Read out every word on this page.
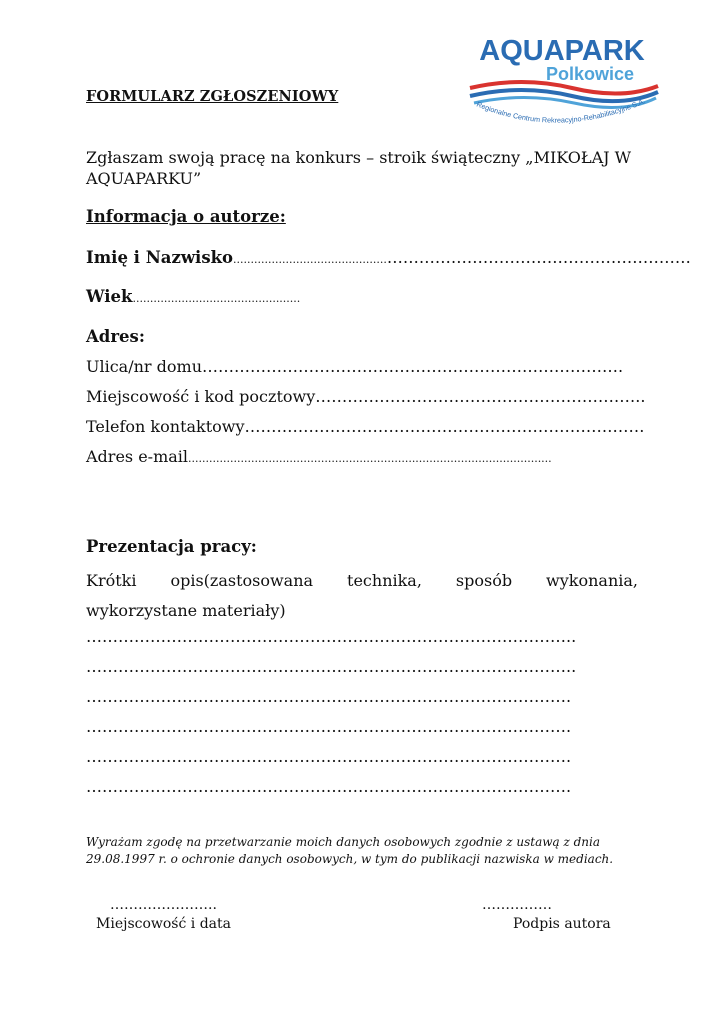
AQUAPARK
Polkowice
Regionalne Centrum Rekreacyjno-Rehabilitacyjne S.A.
FORMULARZ ZGŁOSZENIOWY
Zgłaszam swoją pracę na konkurs – stroik świąteczny „MIKOŁAJ W AQUAPARKU”
Informacja o autorze:
Imię i Nazwisko............................................…………………………………………………
Wiek................................................
Adres:
Ulica/nr domu…………………………………………………………………….
Miejscowość i kod pocztowy……………………………………………………..
Telefon kontaktowy…………………………………………………………………
Adres e-mail........................................................................................................
Prezentacja pracy:
Krótki opis(zastosowana technika, sposób wykonania, wykorzystane materiały)
………………………………………………………………………………..
………………………………………………………………………………..
……………………………………………………………………………….
……………………………………………………………………………….
……………………………………………………………………………….
……………………………………………………………………………….
Wyrażam zgodę na przetwarzanie moich danych osobowych zgodnie z ustawą z dnia 29.08.1997 r. o ochronie danych osobowych, w tym do publikacji nazwiska w mediach.
…………………..
Miejscowość i data
……………
Podpis autora
